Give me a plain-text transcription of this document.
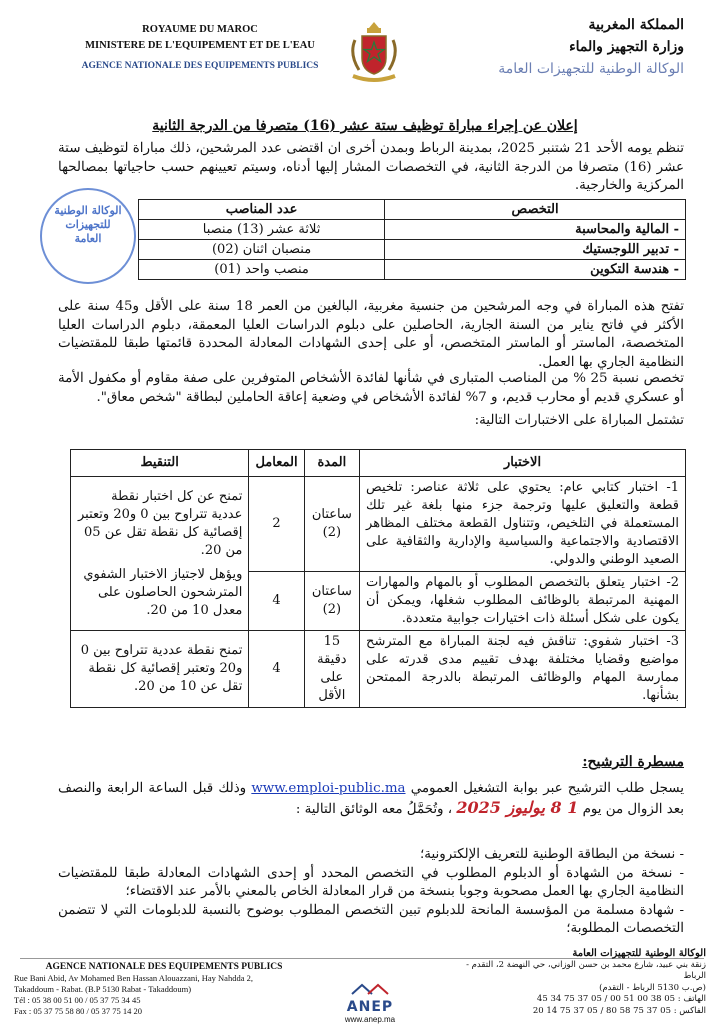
ROYAUME DU MAROC
MINISTERE DE L'EQUIPEMENT ET DE L'EAU
AGENCE NATIONALE DES EQUIPEMENTS PUBLICS
المملكة المغربية
وزارة التجهيز والماء
الوكالة الوطنية للتجهيزات العامة
إعلان عن إجراء مباراة توظيف ستة عشر (16) متصرفا من الدرجة الثانية
تنظم يومه الأحد 21 شتنبر 2025، بمدينة الرباط وبمدن أخرى ان اقتضى عدد المرشحين، ذلك مباراة لتوظيف ستة عشر (16) متصرفا من الدرجة الثانية، في التخصصات المشار إليها أدناه، وسيتم تعيينهم حسب حاجياتها بمصالحها المركزية والخارجية.
الوكالة الوطنية للتجهيزات العامة
التخصص	عدد المناصب
- المالية والمحاسبة	ثلاثة عشر (13) منصبا
- تدبير اللوجستيك	منصبان اثنان (02)
- هندسة التكوين	منصب واحد (01)
تفتح هذه المباراة في وجه المرشحين من جنسية مغربية، البالغين من العمر 18 سنة على الأقل و45 سنة على الأكثر في فاتح يناير من السنة الجارية، الحاصلين على دبلوم الدراسات العليا المعمقة، دبلوم الدراسات العليا المتخصصة، الماستر أو الماستر المتخصص، أو على إحدى الشهادات المعادلة المحددة قائمتها طبقا للمقتضيات النظامية الجاري بها العمل.
تخصص نسبة 25 % من المناصب المتبارى في شأنها لفائدة الأشخاص المتوفرين على صفة مقاوم أو مكفول الأمة أو عسكري قديم أو محارب قديم، و 7% لفائدة الأشخاص في وضعية إعاقة الحاملين لبطاقة "شخص معاق".
تشتمل المباراة على الاختبارات التالية:
الاختبار	المدة	المعامل	التنقيط
1- اختبار كتابي عام: يحتوي على ثلاثة عناصر: تلخيص قطعة والتعليق عليها وترجمة جزء منها بلغة غير تلك المستعملة في التلخيص، وتتناول القطعة مختلف المظاهر الاقتصادية والاجتماعية والسياسية والإدارية والثقافية على الصعيد الوطني والدولي.	ساعتان (2)	2	تمنح عن كل اختبار نقطة عددية تتراوح بين 0 و20 وتعتبر إقصائية كل نقطة تقل عن 05 من 20.
ويؤهل لاجتياز الاختبار الشفوي المترشحون الحاصلون على معدل 10 من 20.

2- اختبار يتعلق بالتخصص المطلوب أو بالمهام والمهارات المهنية المرتبطة بالوظائف المطلوب شغلها، ويمكن أن يكون على شكل أسئلة ذات اختيارات جوابية متعددة.	ساعتان (2)	4	
3- اختبار شفوي: تناقش فيه لجنة المباراة مع المترشح مواضيع وقضايا مختلفة بهدف تقييم مدى قدرته على ممارسة المهام والوظائف المرتبطة بالدرجة الممتحن بشأنها.	15 دقيقة على الأقل	4	تمنح نقطة عددية تتراوح بين 0 و20 وتعتبر إقصائية كل نقطة تقل عن 10 من 20.
مسطرة الترشيح:
يسجل طلب الترشيح عبر بوابة التشغيل العمومي www.emploi-public.ma وذلك قبل الساعة الرابعة والنصف بعد الزوال من يوم 1 8 يوليوز 2025 ، وتُحَمَّلُ معه الوثائق التالية :
- نسخة من البطاقة الوطنية للتعريف الإلكترونية؛
- نسخة من الشهادة أو الدبلوم المطلوب في التخصص المحدد أو إحدى الشهادات المعادلة طبقا للمقتضيات النظامية الجاري بها العمل مصحوبة وجوبا بنسخة من قرار المعادلة الخاص بالمعني بالأمر عند الاقتضاء؛
- شهادة مسلمة من المؤسسة المانحة للدبلوم تبين التخصص المطلوب بوضوح بالنسبة للدبلومات التي لا تتضمن التخصصات المطلوبة؛
AGENCE NATIONALE DES EQUIPEMENTS PUBLICS
Rue Bani Abid, Av Mohamed Ben Hassan Alouazzani, Hay Nahdda 2,
Takaddoum - Rabat. (B.P 5130 Rabat - Takaddoum)
Tél : 05 38 00 51 00 / 05 37 75 34 45
Fax : 05 37 75 58 80 / 05 37 75 14 20	ANEP
www.anep.ma
الوكالة الوطنية للتجهيزات العامة
زنقة بني عبيد، شارع محمد بن حسن الوزاني، حي النهضة 2، التقدم - الرباط
(ص.ب 5130 الرباط - التقدم)
الهاتف : 05 38 00 51 00 / 05 37 75 34 45
الفاكس : 05 37 75 58 80 / 05 37 75 14 20
